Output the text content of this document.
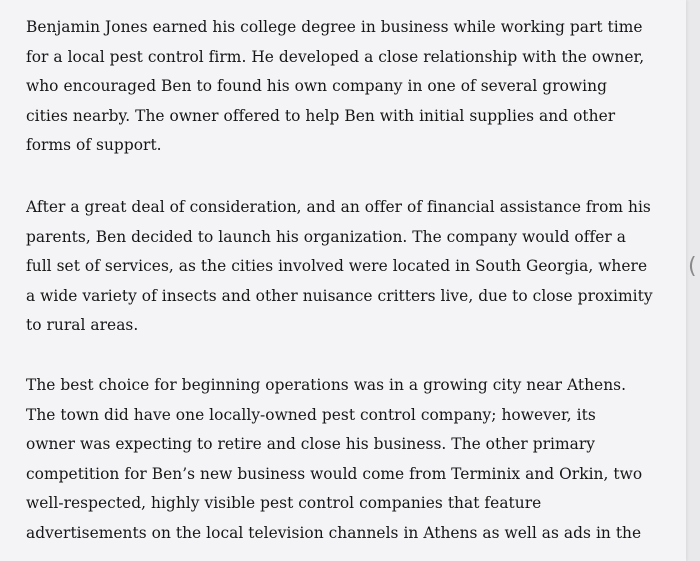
Benjamin Jones earned his college degree in business while working part time
for a local pest control firm. He developed a close relationship with the owner,
who encouraged Ben to found his own company in one of several growing
cities nearby. The owner offered to help Ben with initial supplies and other
forms of support.

After a great deal of consideration, and an offer of financial assistance from his
parents, Ben decided to launch his organization. The company would offer a
full set of services, as the cities involved were located in South Georgia, where
a wide variety of insects and other nuisance critters live, due to close proximity
to rural areas.

The best choice for beginning operations was in a growing city near Athens.
The town did have one locally-owned pest control company; however, its
owner was expecting to retire and close his business. The other primary
competition for Ben’s new business would come from Terminix and Orkin, two
well-respected, highly visible pest control companies that feature
advertisements on the local television channels in Athens as well as ads in the

(
